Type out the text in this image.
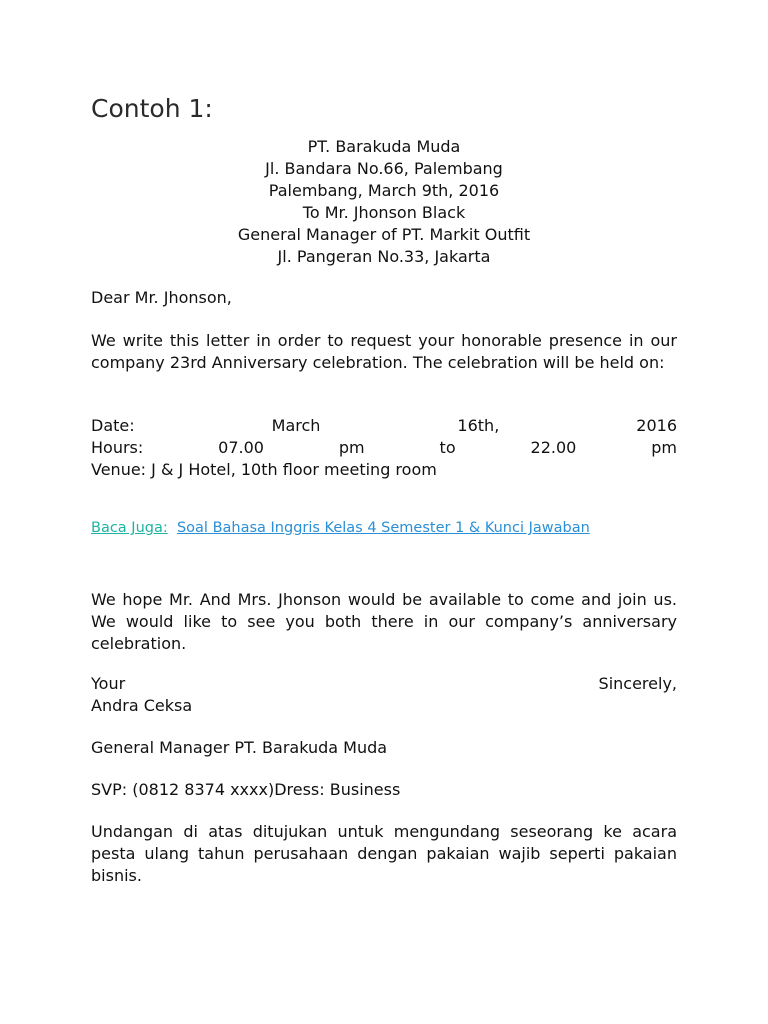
Contoh 1:
PT. Barakuda Muda
Jl. Bandara No.66, Palembang
Palembang, March 9th, 2016
To Mr. Jhonson Black
General Manager of PT. Markit Outfit
Jl. Pangeran No.33, Jakarta

Dear Mr. Jhonson,

We write this letter in order to request your honorable presence in our company 23rd Anniversary celebration. The celebration will be held on:

Date:	March	16th,	2016
Hours:	07.00	pm	to	22.00	pm
Venue: J & J Hotel, 10th floor meeting room
Baca Juga: Soal Bahasa Inggris Kelas 4 Semester 1 & Kunci Jawaban

We hope Mr. And Mrs. Jhonson would be available to come and join us. We would like to see you both there in our company’s anniversary celebration.

Your	Sincerely,
Andra Ceksa

General Manager PT. Barakuda Muda

SVP: (0812 8374 xxxx)Dress: Business

Undangan di atas ditujukan untuk mengundang seseorang ke acara pesta ulang tahun perusahaan dengan pakaian wajib seperti pakaian bisnis.
